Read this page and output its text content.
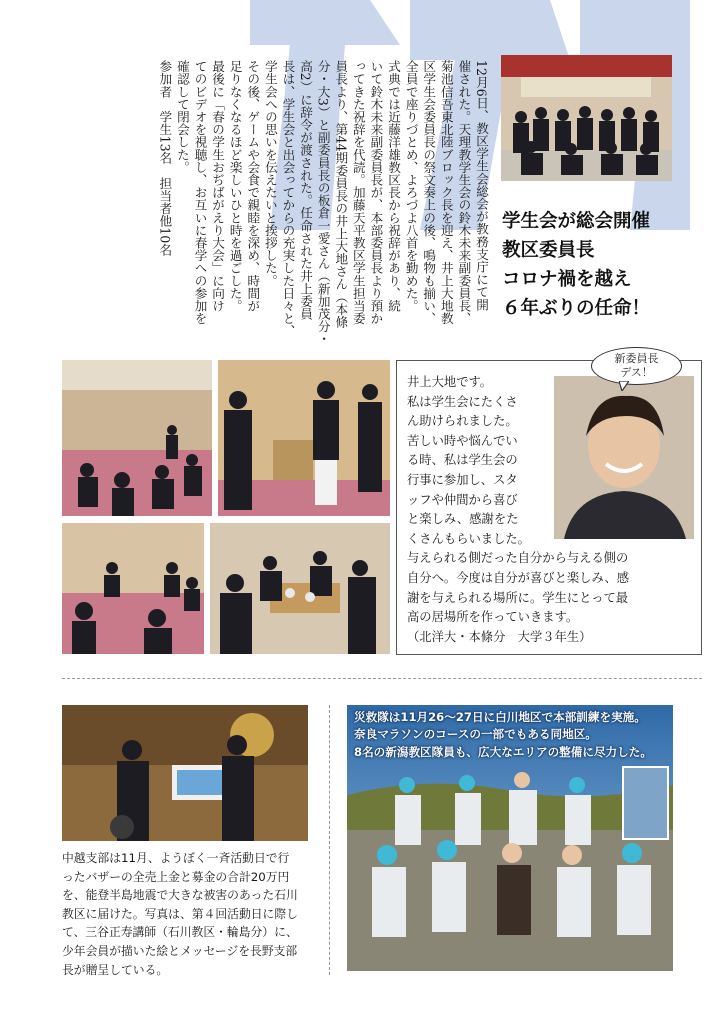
12月6日、教区学生会総会が教務支庁にて開
催された。天理教学生会の鈴木未来副委員長、
菊池信吾東北陸ブロック長を迎え、井上大地教
区学生会委員長の祭文奏上の後、鳴物も揃い、
全員で座りづとめ、よろづよ八首を勤めた。
式典では近藤洋雄教区長から祝辞があり、続
いて鈴木未来副委員長が、本部委員長より預か
ってきた祝辞を代読。加藤天平教区学生担当委
員長より、第44期委員長の井上大地さん（本條
分・大3）と副委員長の板倉一愛さん（新加茂分・
高2）に辞令が渡された。任命された井上委員
長は、学生会と出会ってからの充実した日々と、
学生会への思いを伝えたいと挨拶した。
その後、ゲームや会食で親睦を深め、時間が
足りなくなるほど楽しいひと時を過ごした。
最後に「春の学生おぢばがえり大会」に向け
てのビデオを視聴し、お互いに春学への参加を
確認して閉会した。
参加者　学生13名　担当者他10名	学生会が総会開催
教区委員長
コロナ禍を越え
６年ぶりの任命！
井上大地です。
私は学生会にたくさ
ん助けられました。
苦しい時や悩んでい
る時、私は学生会の
行事に参加し、スタ
ッフや仲間から喜び
と楽しみ、感謝をた
くさんもらいました。
与えられる側だった自分から与える側の
自分へ。今度は自分が喜びと楽しみ、感
謝を与えられる場所に。学生にとって最
高の居場所を作っていきます。
（北洋大・本條分　大学３年生）
新委員長
デス！
中越支部は11月、ようぼく一斉活動日で行
ったバザーの全売上金と募金の合計20万円
を、能登半島地震で大きな被害のあった石川
教区に届けた。写真は、第４回活動日に際し
て、三谷正寿講師（石川教区・輪島分）に、
少年会員が描いた絵とメッセージを長野支部
長が贈呈している。
災救隊は11月26～27日に白川地区で本部訓練を実施。
奈良マラソンのコースの一部でもある同地区。
8名の新潟教区隊員も、広大なエリアの整備に尽力した。
